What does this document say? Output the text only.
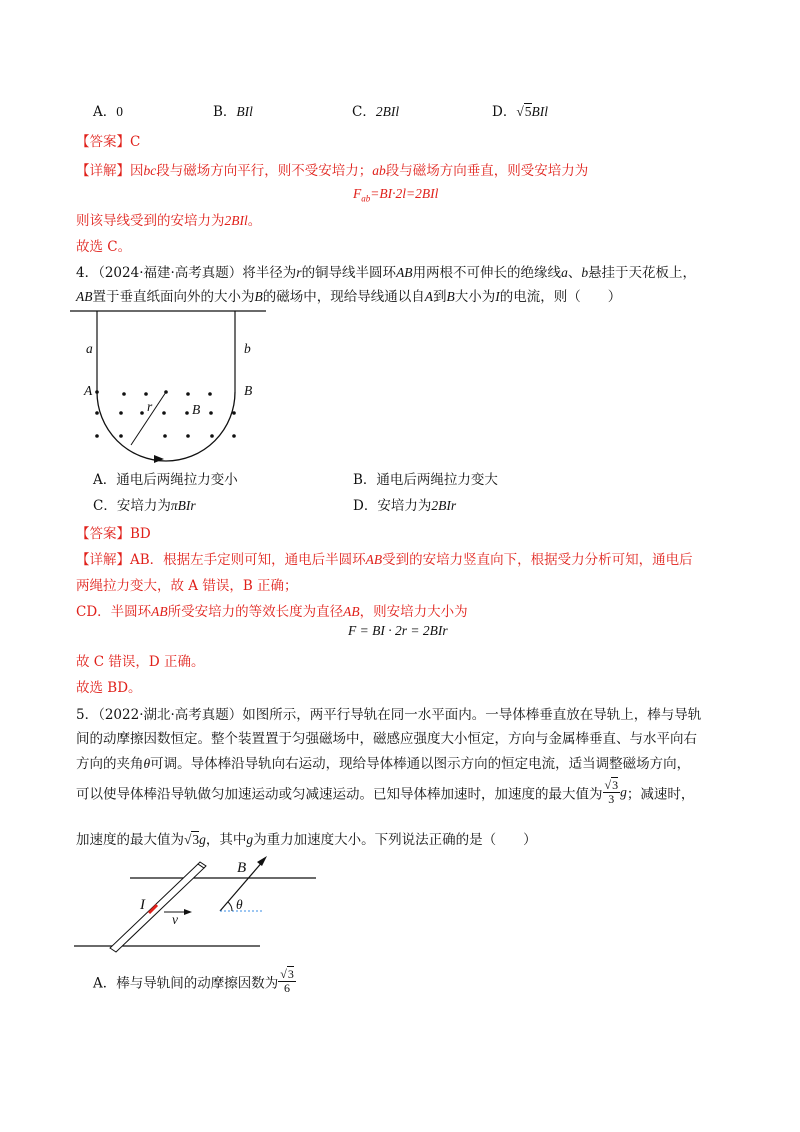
A．0	B．BIl	C．2BIl	D．√5BIl
【答案】C
【详解】因bc段与磁场方向平行，则不受安培力；ab段与磁场方向垂直，则受安培力为
$F_{ab}=BI\cdot 2l=2BIl$
则该导线受到的安培力为2BIl。
故选 C。
4．（2024·福建·高考真题）将半径为r的铜导线半圆环AB用两根不可伸长的绝缘线a、b悬挂于天花板上，
AB置于垂直纸面向外的大小为B的磁场中，现给导线通以自A到B大小为I的电流，则（　　）
a	b
A	B
r	B
A．通电后两绳拉力变小	B．通电后两绳拉力变大
C．安培力为πBIr	D．安培力为2BIr
【答案】BD
【详解】AB．根据左手定则可知，通电后半圆环AB受到的安培力竖直向下，根据受力分析可知，通电后
两绳拉力变大，故 A 错误，B 正确；
CD．半圆环AB所受安培力的等效长度为直径AB，则安培力大小为
F = BI · 2r = 2BIr
故 C 错误，D 正确。
故选 BD。
5．（2022·湖北·高考真题）如图所示，两平行导轨在同一水平面内。一导体棒垂直放在导轨上，棒与导轨
间的动摩擦因数恒定。整个装置置于匀强磁场中，磁感应强度大小恒定，方向与金属棒垂直、与水平向右
方向的夹角θ可调。导体棒沿导轨向右运动，现给导体棒通以图示方向的恒定电流，适当调整磁场方向，
可以使导体棒沿导轨做匀加速运动或匀减速运动。已知导体棒加速时，加速度的最大值为 $\frac{√3}{3}$ g；减速时，
加速度的最大值为√3g，其中g为重力加速度大小。下列说法正确的是（　　）
B
I
v
θ
A．棒与导轨间的动摩擦因数为 $\frac{√3}{6}$
